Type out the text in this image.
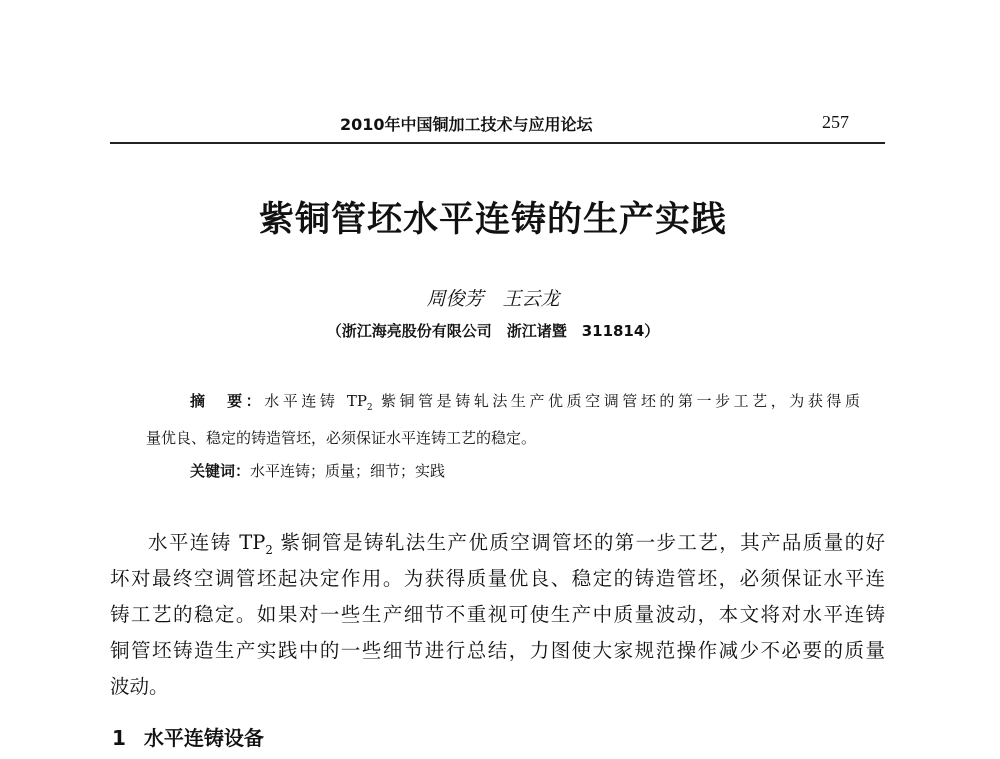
2010年中国铜加工技术与应用论坛	257
紫铜管坯水平连铸的生产实践
周俊芳　王云龙
（浙江海亮股份有限公司　浙江诸暨　311814）
摘　要：水平连铸 $TP_2$ 紫铜管是铸轧法生产优质空调管坯的第一步工艺，为获得质
量优良、稳定的铸造管坯，必须保证水平连铸工艺的稳定。
关键词：水平连铸；质量；细节；实践
水平连铸 $TP_2$ 紫铜管是铸轧法生产优质空调管坯的第一步工艺，其产品质量的好
坏对最终空调管坯起决定作用。为获得质量优良、稳定的铸造管坯，必须保证水平连
铸工艺的稳定。如果对一些生产细节不重视可使生产中质量波动，本文将对水平连铸
铜管坯铸造生产实践中的一些细节进行总结，力图使大家规范操作减少不必要的质量
波动。
1 水平连铸设备
